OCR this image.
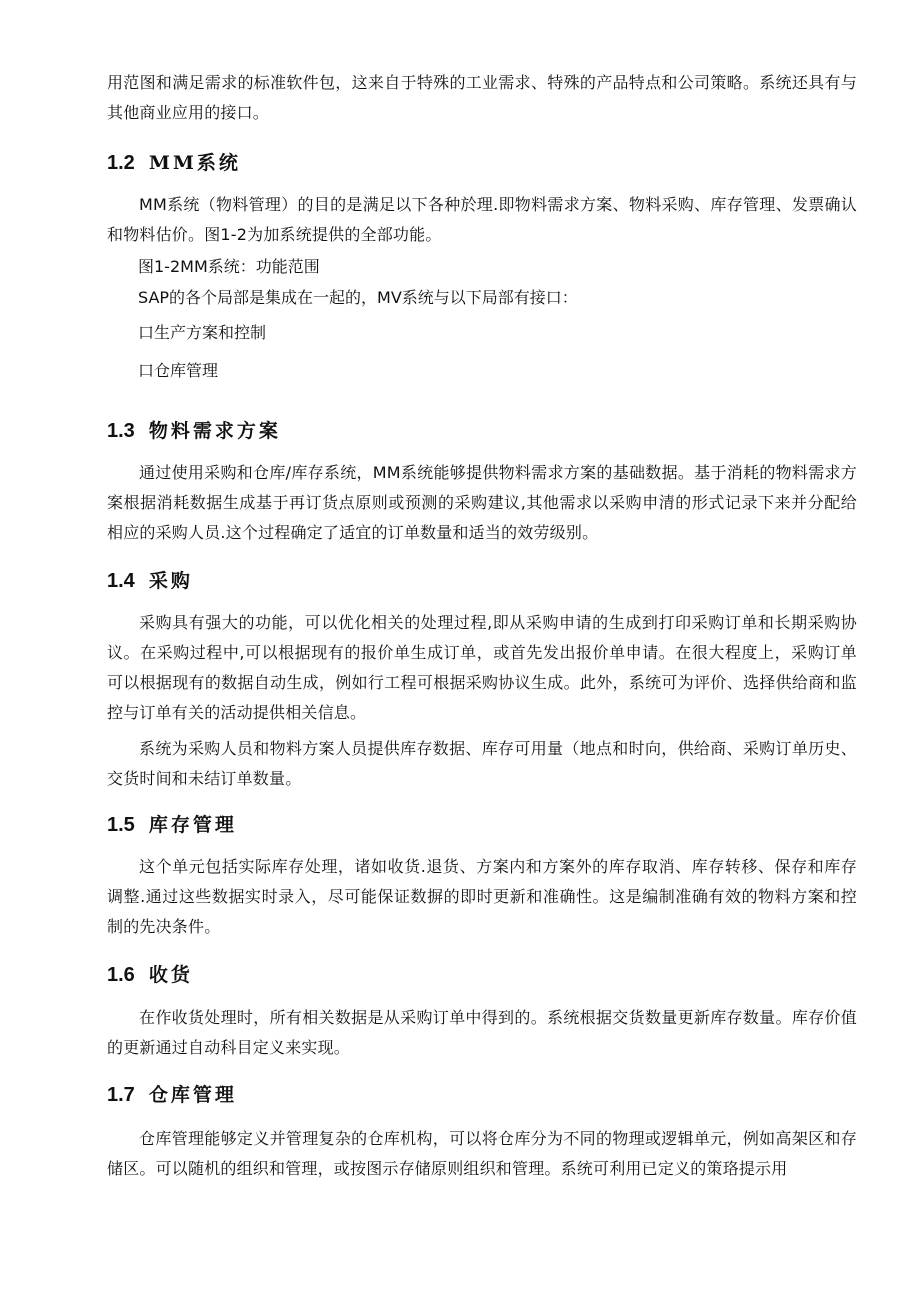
用范图和满足需求的标准软件包，这来自于特殊的工业需求、特殊的产品特点和公司策略。系统还具有与其他商业应用的接口。

1.2 MM系统

MM系统（物料管理）的目的是满足以下各种於理.即物料需求方案、物料采购、库存管理、发票确认和物料估价。图1-2为加系统提供的全部功能。

图1-2MM系统：功能范围

SAP的各个局部是集成在一起的，MV系统与以下局部有接口：

口生产方案和控制

口仓库管理

1.3 物料需求方案

通过使用采购和仓库/库存系统，MM系统能够提供物料需求方案的基础数据。基于消耗的物料需求方案根据消耗数据生成基于再订货点原则或预测的采购建议,其他需求以采购申清的形式记录下来并分配给相应的采购人员.这个过程确定了适宜的订单数量和适当的效劳级别。

1.4 采购

采购具有强大的功能，可以优化相关的处理过程,即从采购申请的生成到打印采购订单和长期采购协议。在采购过程中,可以根据现有的报价单生成订单，或首先发出报价单申请。在很大程度上，采购订单可以根据现有的数据自动生成，例如行工程可根据采购协议生成。此外，系统可为评价、选择供给商和监控与订单有关的活动提供相关信息。

系统为采购人员和物料方案人员提供库存数据、库存可用量（地点和时向，供给商、采购订单历史、交货时间和未结订单数量。

1.5 库存管理

这个单元包括实际库存处理，诸如收货.退货、方案内和方案外的库存取消、库存转移、保存和库存调整.通过这些数据实时录入，尽可能保证数摒的即时更新和准确性。这是编制准确有效的物料方案和控制的先决条件。

1.6 收货

在作收货处理时，所有相关数据是从采购订单中得到的。系统根据交货数量更新库存数量。库存价值的更新通过自动科目定义来实现。

1.7 仓库管理

仓库管理能够定义并管理复杂的仓库机构，可以将仓库分为不同的物理或逻辑单元，例如高架区和存储区。可以随机的组织和管理，或按图示存储原则组织和管理。系统可利用已定义的策珞提示用
